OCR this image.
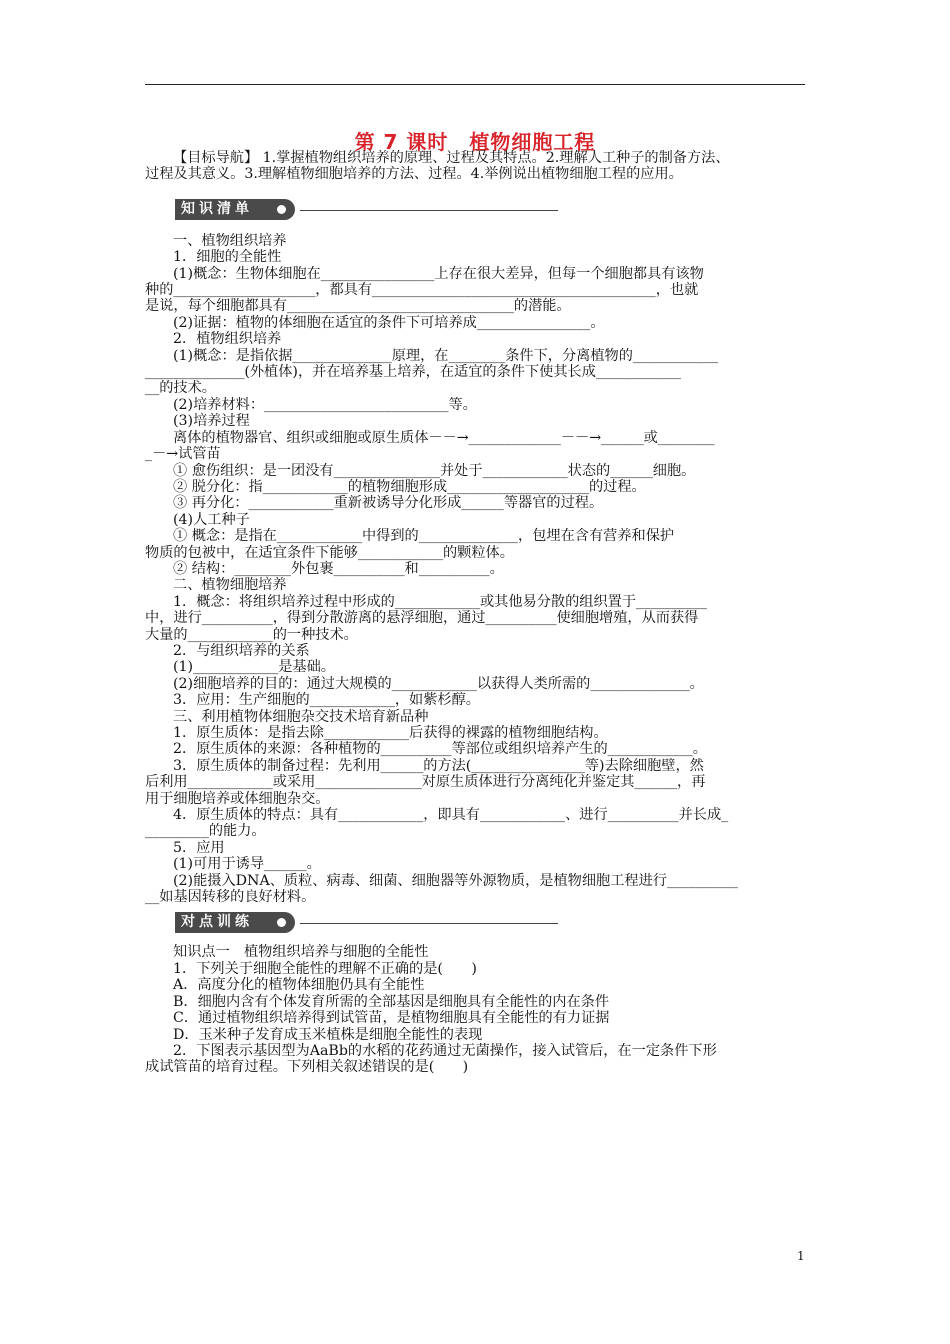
第 7 课时　植物细胞工程
【目标导航】 1.掌握植物组织培养的原理、过程及其特点。2.理解人工种子的制备方法、
过程及其意义。3.理解植物细胞培养的方法、过程。4.举例说出植物细胞工程的应用。
知识清单
一、植物组织培养
1．细胞的全能性
(1)概念：生物体细胞在________________上存在很大差异，但每一个细胞都具有该物
种的____________________，都具有________________________________________，也就
是说，每个细胞都具有________________________________的潜能。
(2)证据：植物的体细胞在适宜的条件下可培养成________________。
2．植物组织培养
(1)概念：是指依据______________原理，在________条件下，分离植物的____________
______________(外植体)，并在培养基上培养，在适宜的条件下使其长成____________
__的技术。
(2)培养材料：__________________________等。
(3)培养过程
离体的植物器官、组织或细胞或原生质体－－→_____________－－→______或________
_－→试管苗
① 愈伤组织：是一团没有_______________并处于____________状态的______细胞。
② 脱分化：指____________的植物细胞形成____________________的过程。
③ 再分化：____________重新被诱导分化形成______等器官的过程。
(4)人工种子
① 概念：是指在____________中得到的______________，包埋在含有营养和保护
物质的包被中，在适宜条件下能够____________的颗粒体。
② 结构：________外包裹__________和__________。
二、植物细胞培养
1．概念：将组织培养过程中形成的____________或其他易分散的组织置于__________
中，进行__________，得到分散游离的悬浮细胞，通过__________使细胞增殖，从而获得
大量的____________的一种技术。
2．与组织培养的关系
(1)____________是基础。
(2)细胞培养的目的：通过大规模的____________以获得人类所需的______________。
3．应用：生产细胞的____________，如紫杉醇。
三、利用植物体细胞杂交技术培育新品种
1．原生质体：是指去除____________后获得的裸露的植物细胞结构。
2．原生质体的来源：各种植物的__________等部位或组织培养产生的____________。
3．原生质体的制备过程：先利用______的方法(________________等)去除细胞壁，然
后利用____________或采用_______________对原生质体进行分离纯化并鉴定其______，再
用于细胞培养或体细胞杂交。
4．原生质体的特点：具有____________，即具有____________、进行__________并长成_
_________的能力。
5．应用
(1)可用于诱导______。
(2)能摄入DNA、质粒、病毒、细菌、细胞器等外源物质，是植物细胞工程进行__________
__如基因转移的良好材料。
对点训练
知识点一　植物组织培养与细胞的全能性
1．下列关于细胞全能性的理解不正确的是(　　)
A．高度分化的植物体细胞仍具有全能性
B．细胞内含有个体发育所需的全部基因是细胞具有全能性的内在条件
C．通过植物组织培养得到试管苗，是植物细胞具有全能性的有力证据
D．玉米种子发育成玉米植株是细胞全能性的表现
2．下图表示基因型为AaBb的水稻的花药通过无菌操作，接入试管后，在一定条件下形
成试管苗的培育过程。下列相关叙述错误的是(　　)
1
